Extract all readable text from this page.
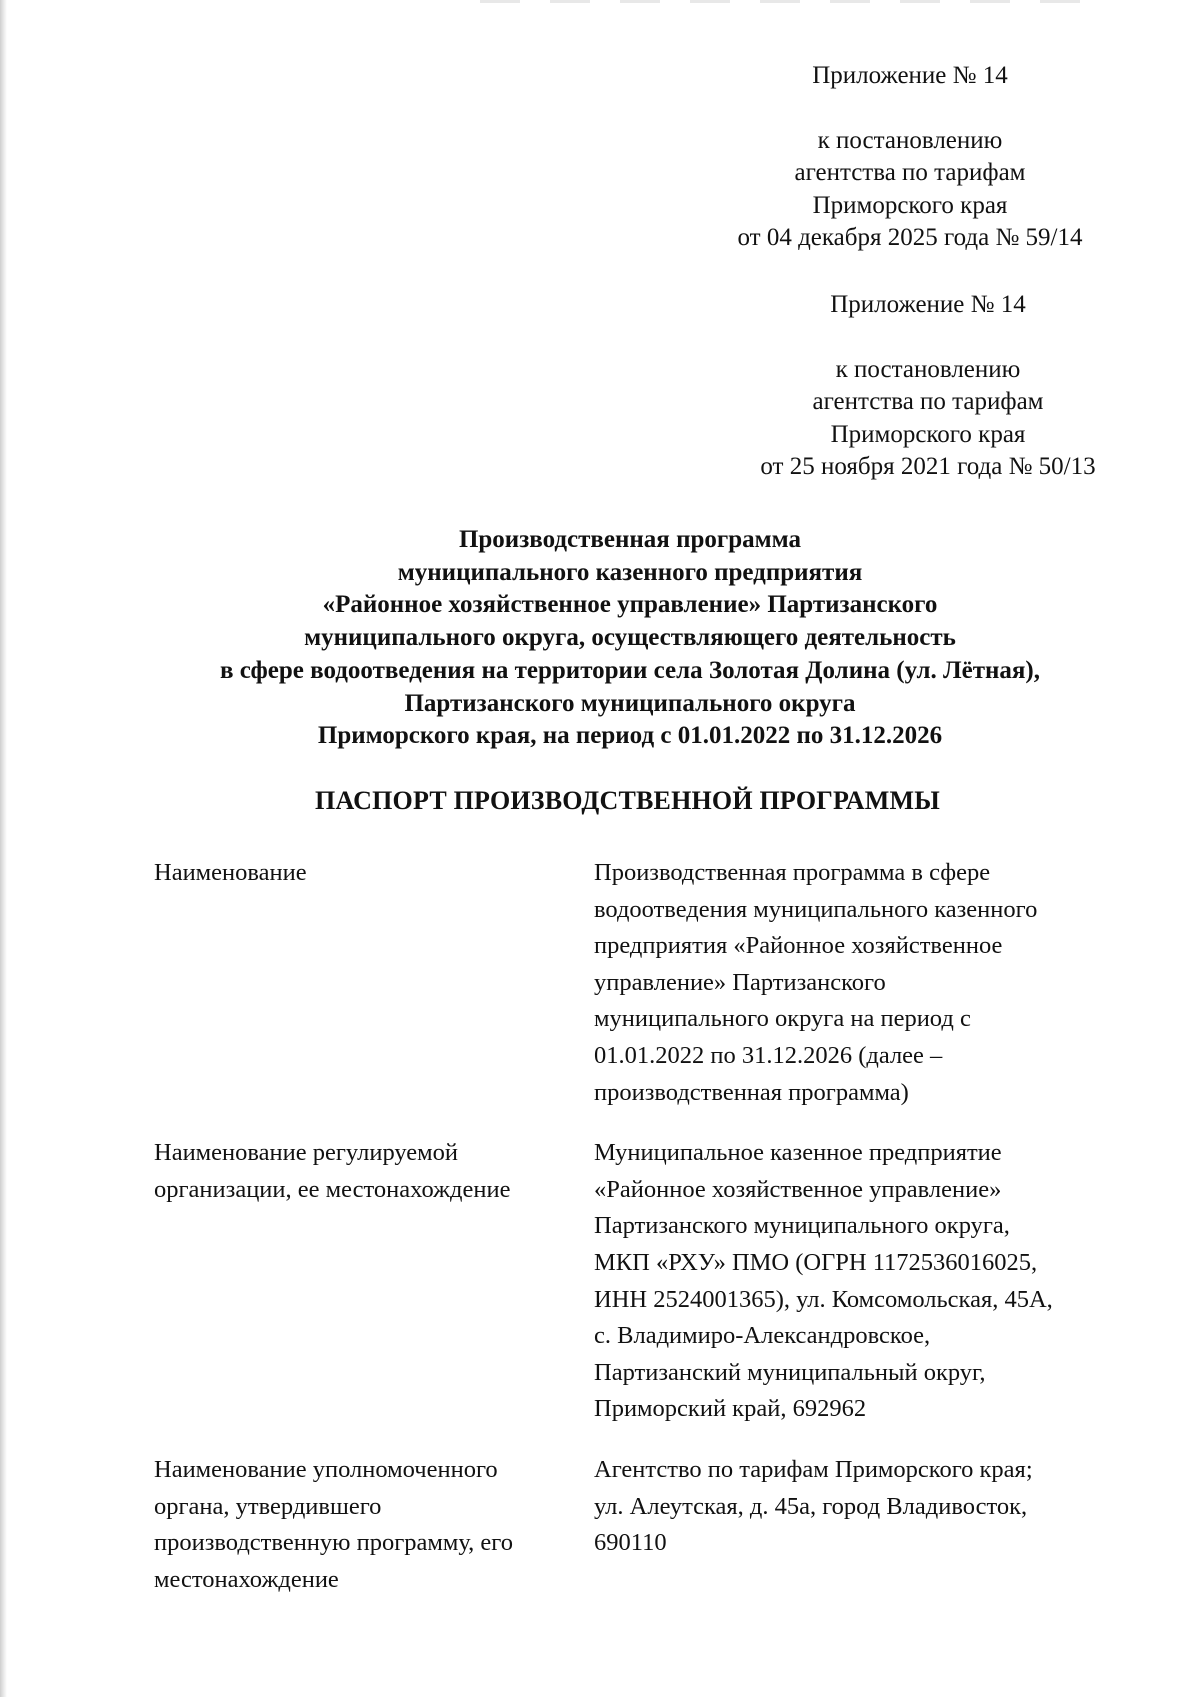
Приложение № 14

к постановлению

агентства по тарифам

Приморского края

от 04 декабря 2025 года № 59/14

Приложение № 14

к постановлению

агентства по тарифам

Приморского края

от 25 ноября 2021 года № 50/13

Производственная программа

муниципального казенного предприятия

«Районное хозяйственное управление» Партизанского

муниципального округа, осуществляющего деятельность

в сфере водоотведения на территории села Золотая Долина (ул. Лётная),

Партизанского муниципального округа

Приморского края, на период с 01.01.2022 по 31.12.2026

ПАСПОРТ ПРОИЗВОДСТВЕННОЙ ПРОГРАММЫ

Наименование	Производственная программа в сфере

водоотведения муниципального казенного

предприятия «Районное хозяйственное

управление» Партизанского

муниципального округа на период с

01.01.2022 по 31.12.2026 (далее –

производственная программа)

Наименование регулируемой

организации, ее местонахождение

Муниципальное казенное предприятие

«Районное хозяйственное управление»

Партизанского муниципального округа,

МКП «РХУ» ПМО (ОГРН 1172536016025,

ИНН 2524001365), ул. Комсомольская, 45А,

с. Владимиро-Александровское,

Партизанский муниципальный округ,

Приморский край, 692962

Наименование уполномоченного

органа, утвердившего

производственную программу, его

местонахождение

Агентство по тарифам Приморского края;

ул. Алеутская, д. 45а, город Владивосток,

690110
